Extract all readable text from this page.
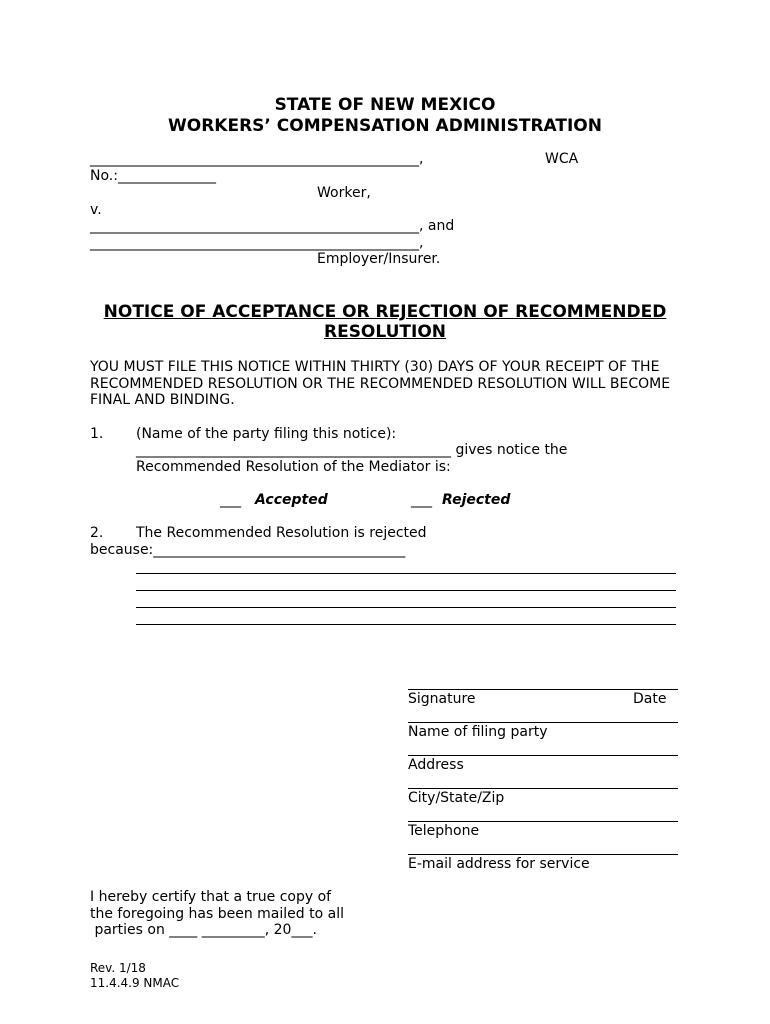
STATE OF NEW MEXICO
WORKERS’ COMPENSATION ADMINISTRATION
_______________________________________________,	WCA
No.:______________
Worker,
v.
_______________________________________________, and
_______________________________________________,
Employer/Insurer.
NOTICE OF ACCEPTANCE OR REJECTION OF RECOMMENDED
RESOLUTION
YOU MUST FILE THIS NOTICE WITHIN THIRTY (30) DAYS OF YOUR RECEIPT OF THE
RECOMMENDED RESOLUTION OR THE RECOMMENDED RESOLUTION WILL BECOME
FINAL AND BINDING.
1. (Name of the party filing this notice):
_____________________________________________ gives notice the
Recommended Resolution of the Mediator is:
___ Accepted	___ Rejected
2. The Recommended Resolution is rejected
because:____________________________________
Signature	Date
Name of filing party
Address
City/State/Zip
Telephone
E-mail address for service
I hereby certify that a true copy of
the foregoing has been mailed to all
parties on ____ _________, 20___.
Rev. 1/18
11.4.4.9 NMAC
